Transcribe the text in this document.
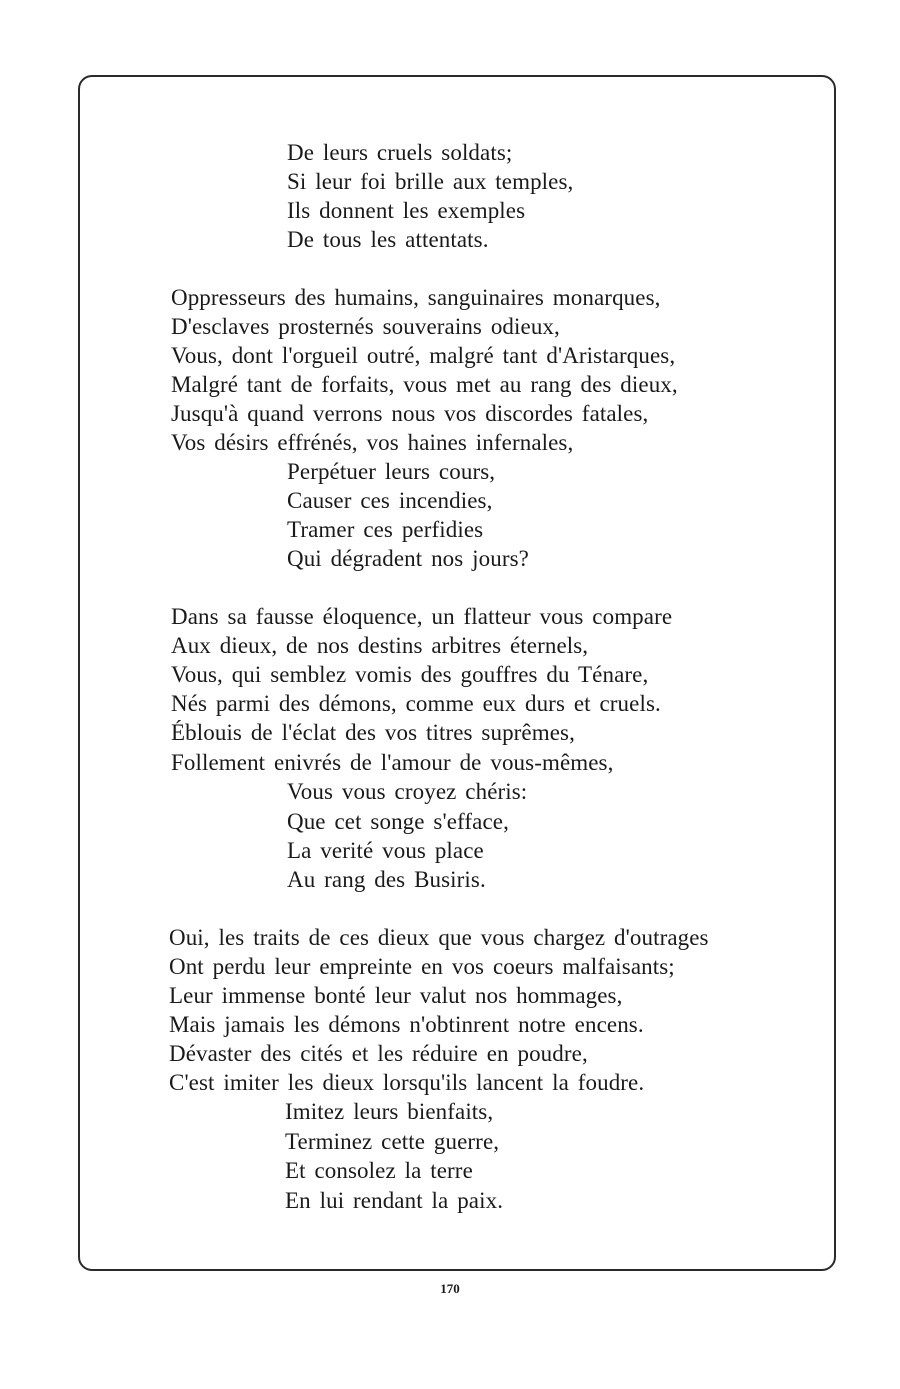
De leurs cruels soldats;
Si leur foi brille aux temples,
Ils donnent les exemples
De tous les attentats.
Oppresseurs des humains, sanguinaires monarques,
D'esclaves prosternés souverains odieux,
Vous, dont l'orgueil outré, malgré tant d'Aristarques,
Malgré tant de forfaits, vous met au rang des dieux,
Jusqu'à quand verrons nous vos discordes fatales,
Vos désirs effrénés, vos haines infernales,
Perpétuer leurs cours,
Causer ces incendies,
Tramer ces perfidies
Qui dégradent nos jours?
Dans sa fausse éloquence, un flatteur vous compare
Aux dieux, de nos destins arbitres éternels,
Vous, qui semblez vomis des gouffres du Ténare,
Nés parmi des démons, comme eux durs et cruels.
Éblouis de l'éclat des vos titres suprêmes,
Follement enivrés de l'amour de vous-mêmes,
Vous vous croyez chéris:
Que cet songe s'efface,
La verité vous place
Au rang des Busiris.
Oui, les traits de ces dieux que vous chargez d'outrages
Ont perdu leur empreinte en vos coeurs malfaisants;
Leur immense bonté leur valut nos hommages,
Mais jamais les démons n'obtinrent notre encens.
Dévaster des cités et les réduire en poudre,
C'est imiter les dieux lorsqu'ils lancent la foudre.
Imitez leurs bienfaits,
Terminez cette guerre,
Et consolez la terre
En lui rendant la paix.
170
